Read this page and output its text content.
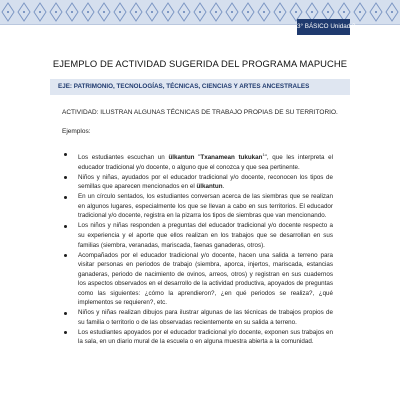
3° BÁSICO Unidad 2
EJEMPLO DE ACTIVIDAD SUGERIDA DEL PROGRAMA MAPUCHE
EJE: PATRIMONIO, TECNOLOGÍAS, TÉCNICAS, CIENCIAS Y ARTES ANCESTRALES
ACTIVIDAD: ILUSTRAN ALGUNAS TÉCNICAS DE TRABAJO PROPIAS DE SU TERRITORIO.
Ejemplos:
Los estudiantes escuchan un ülkantun "Txanamean tukukan$^1$", que les interpreta el educador tradicional y/o docente, o alguno que el conozca y que sea pertinente.
Niños y niñas, ayudados por el educador tradicional y/o docente, reconocen los tipos de semillas que aparecen mencionados en el ülkantun.
En un círculo sentados, los estudiantes conversan acerca de las siembras que se realizan en algunos lugares, especialmente los que se llevan a cabo en sus territorios. El educador tradicional y/o docente, registra en la pizarra los tipos de siembras que van mencionando.
Los niños y niñas responden a preguntas del educador tradicional y/o docente respecto a su experiencia y el aporte que ellos realizan en los trabajos que se desarrollan en sus familias (siembra, veranadas, mariscada, faenas ganaderas, otros).
Acompañados por el educador tradicional y/o docente, hacen una salida a terreno para visitar personas en periodos de trabajo (siembra, aporca, injertos, mariscada, estancias ganaderas, periodo de nacimiento de ovinos, arreos, otros) y registran en sus cuadernos los aspectos observados en el desarrollo de la actividad productiva, apoyados de preguntas como las siguientes: ¿cómo la aprendieron?, ¿en qué periodos se realiza?, ¿qué implementos se requieren?, etc.
Niños y niñas realizan dibujos para ilustrar algunas de las técnicas de trabajos propios de su familia o territorio o de las observadas recientemente en su salida a terreno.
Los estudiantes apoyados por el educador tradicional y/o docente, exponen sus trabajos en la sala, en un diario mural de la escuela o en alguna muestra abierta a la comunidad.
